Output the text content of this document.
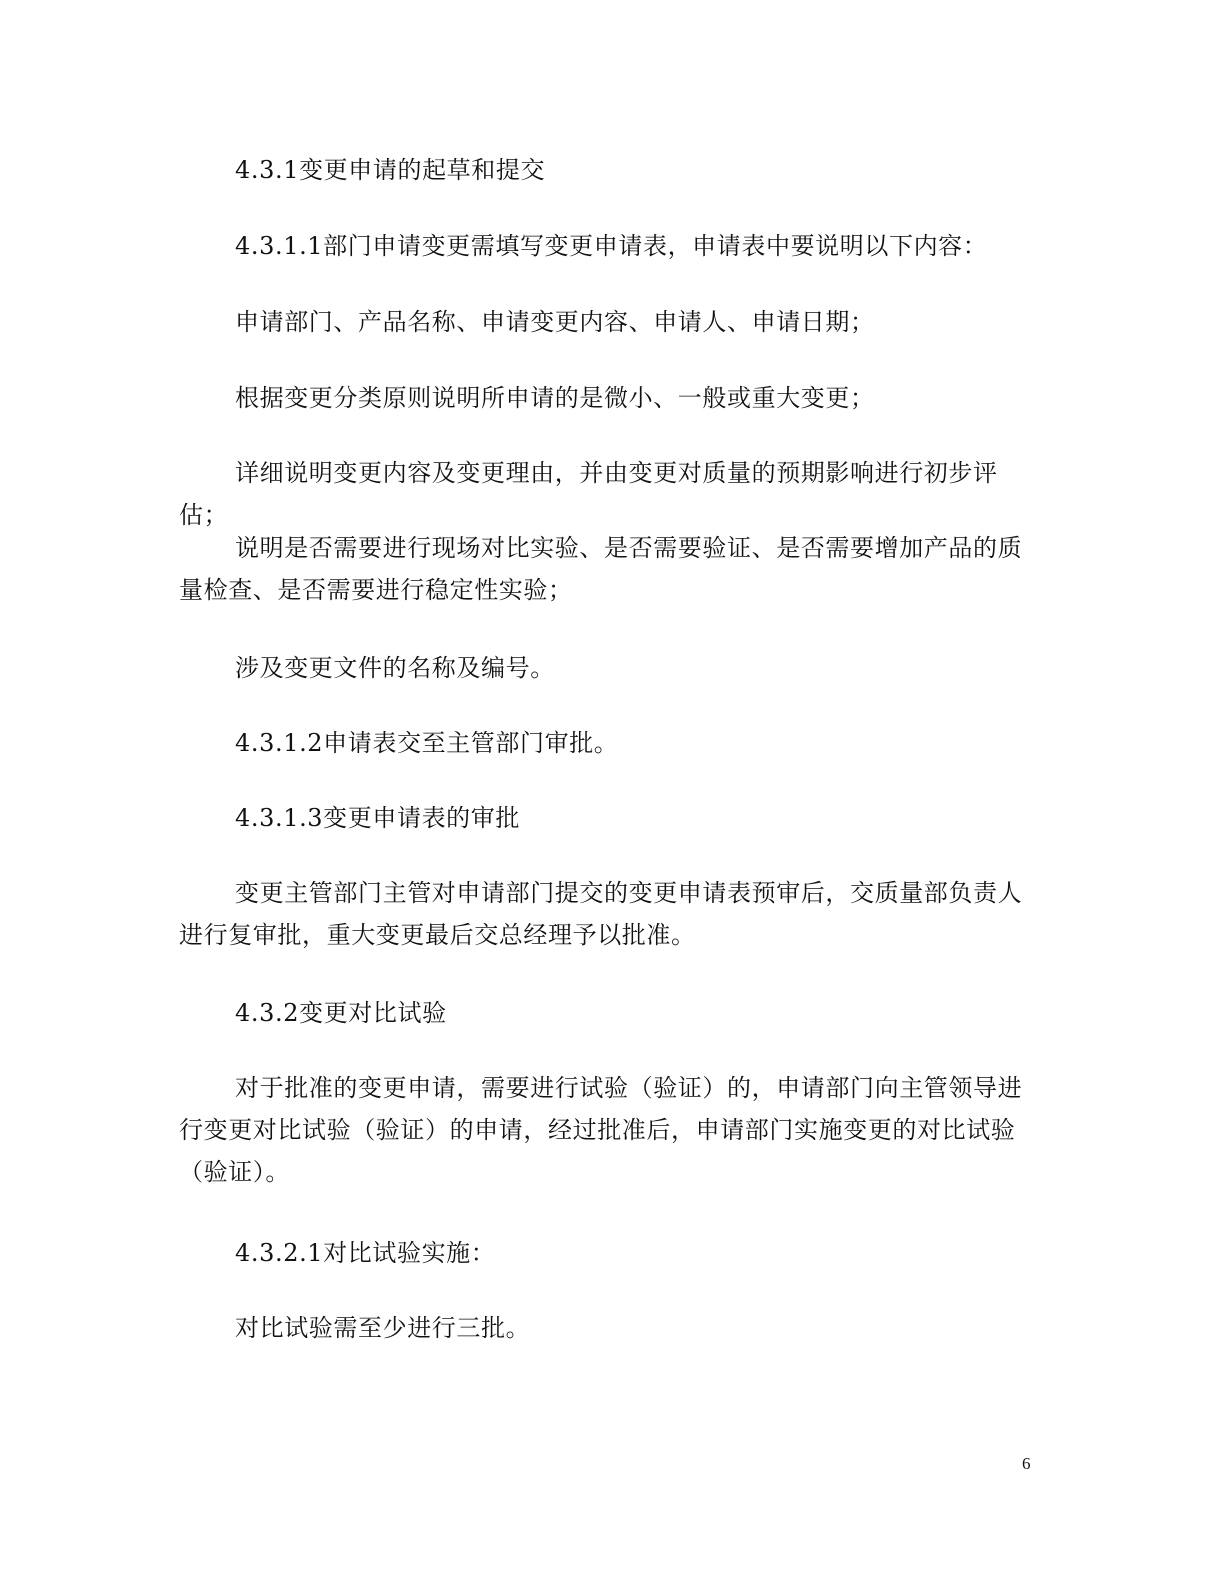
4.3.1变更申请的起草和提交

4.3.1.1部门申请变更需填写变更申请表，申请表中要说明以下内容：

申请部门、产品名称、申请变更内容、申请人、申请日期；

根据变更分类原则说明所申请的是微小、一般或重大变更；

详细说明变更内容及变更理由，并由变更对质量的预期影响进行初步评估；

说明是否需要进行现场对比实验、是否需要验证、是否需要增加产品的质量检查、是否需要进行稳定性实验；

涉及变更文件的名称及编号。

4.3.1.2申请表交至主管部门审批。

4.3.1.3变更申请表的审批

变更主管部门主管对申请部门提交的变更申请表预审后，交质量部负责人进行复审批，重大变更最后交总经理予以批准。

4.3.2变更对比试验

对于批准的变更申请，需要进行试验（验证）的，申请部门向主管领导进行变更对比试验（验证）的申请，经过批准后，申请部门实施变更的对比试验（验证）。

4.3.2.1对比试验实施：

对比试验需至少进行三批。

6
